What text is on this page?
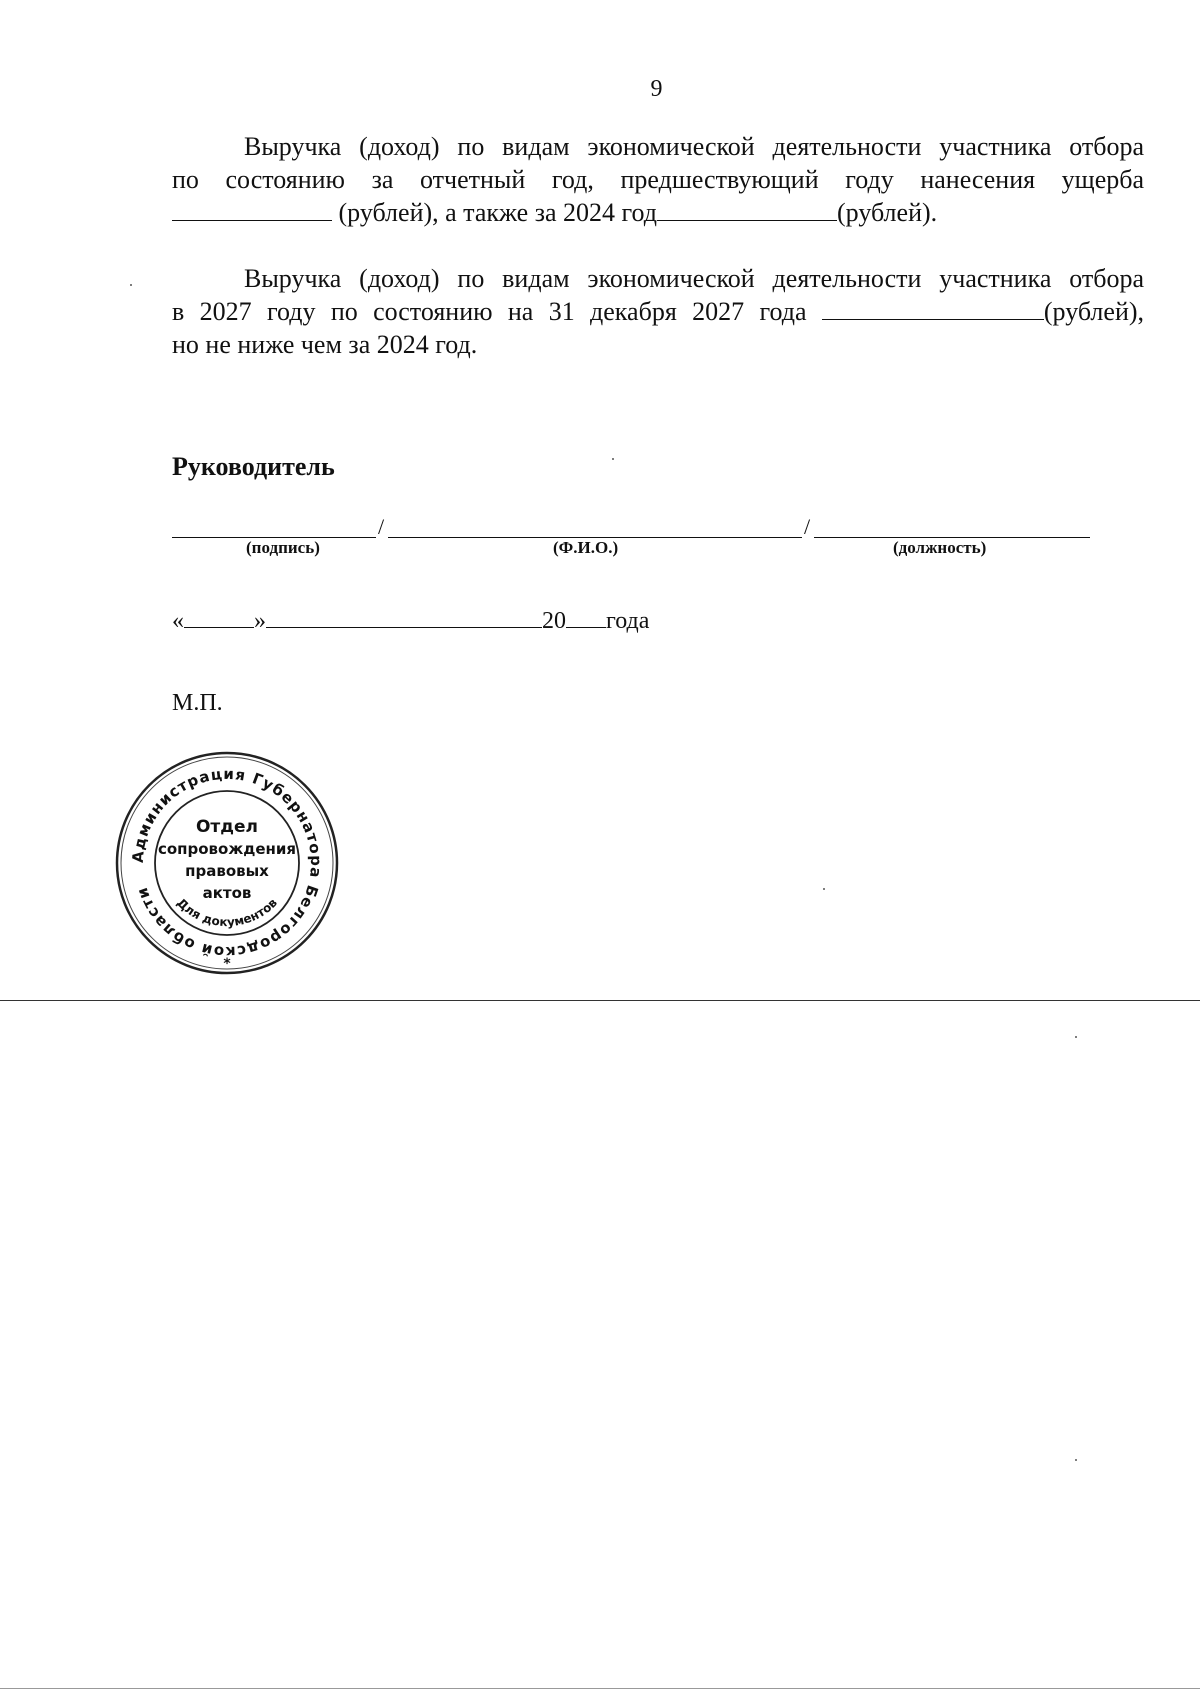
9
Выручка (доход) по видам экономической деятельности участника отбора
по состоянию за отчетный год, предшествующий году нанесения ущерба
(рублей), а также за 2024 год	(рублей).
Выручка (доход) по видам экономической деятельности участника отбора
в 2027 году по состоянию на 31 декабря 2027 года	(рублей),
но не ниже чем за 2024 год.
Руководитель
/	/
(подпись)	(Ф.И.О.)	(должность)
«	»	20 года
М.П.
Администрация Губернатора Белгородской области
Для документов
Отдел
сопровождения
правовых
актов
*
